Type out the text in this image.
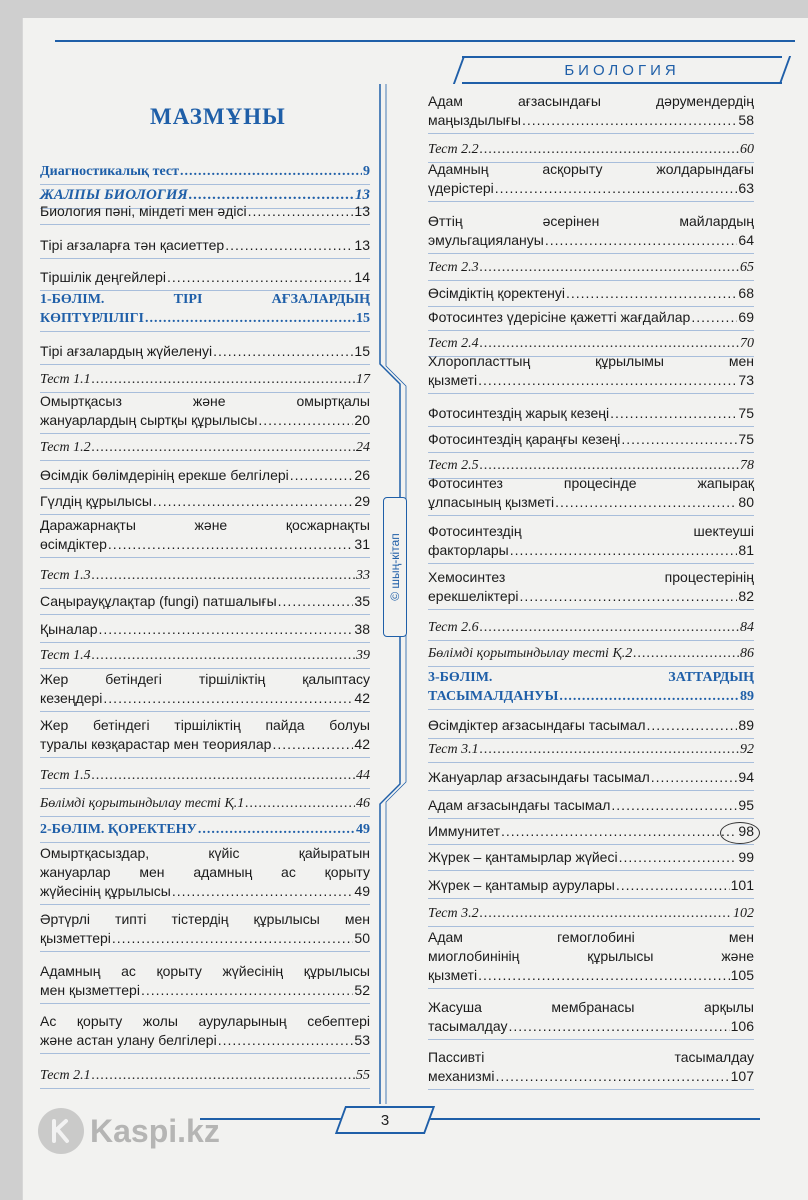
БИОЛОГИЯ
© шың-кітап
МАЗМҰНЫ
Диагностикалық тест .....	9
ЖАЛПЫ БИОЛОГИЯ .....	13
Биология пәні, міндеті мен әдісі .....	13
Тірі ағзаларға тән қасиеттер .....	13
Тіршілік деңгейлері .....	14
1-БӨЛІМ. ТІРІ АҒЗАЛАРДЫҢ
КӨПТҮРЛІЛІГІ .....	15
Тірі ағзалардың жүйеленуі .....	15
Тест 1.1 .....	17
Омыртқасыз және омыртқалы
жануарлардың сыртқы құрылысы .....	20
Тест 1.2 .....	24
Өсімдік бөлімдерінің ерекше белгілері .....	26
Гүлдің құрылысы .....	29
Даражарнақты және қосжарнақты
өсімдіктер .....	31
Тест 1.3 .....	33
Саңырауқұлақтар (fungi) патшалығы .....	35
Қыналар .....	38
Тест 1.4 .....	39
Жер бетіндегі тіршіліктің қалыптасу
кезеңдері .....	42
Жер бетіндегі тіршіліктің пайда болуы
туралы көзқарастар мен теориялар .....	42
Тест 1.5 .....	44
Бөлімді қорытындылау тесті Қ.1 .....	46
2-БӨЛІМ. ҚОРЕКТЕНУ .....	49
Омыртқасыздар, күйіс қайыратын
жануарлар мен адамның ас қорыту
жүйесінің құрылысы .....	49
Әртүрлі типті тістердің құрылысы мен
қызметтері .....	50
Адамның ас қорыту жүйесінің құрылысы
мен қызметтері .....	52
Ас қорыту жолы ауруларының себептері
және астан улану белгілері .....	53
Тест 2.1 .....	55
Адам ағзасындағы дәрумендердің
маңыздылығы .....	58
Тест 2.2 .....	60
Адамның асқорыту жолдарындағы
үдерістері .....	63
Өттің әсерінен майлардың
эмульгациялануы .....	64
Тест 2.3 .....	65
Өсімдіктің қоректенуі .....	68
Фотосинтез үдерісіне қажетті жағдайлар .....	69
Тест 2.4 .....	70
Хлоропласттың құрылымы мен
қызметі .....	73
Фотосинтездің жарық кезеңі .....	75
Фотосинтездің қараңғы кезеңі .....	75
Тест 2.5 .....	78
Фотосинтез процесінде жапырақ
ұлпасының қызметі .....	80
Фотосинтездің шектеуші
факторлары .....	81
Хемосинтез процестерінің
ерекшеліктері .....	82
Тест 2.6 .....	84
Бөлімді қорытындылау тесті Қ.2 .....	86
3-БӨЛІМ. ЗАТТАРДЫҢ
ТАСЫМАЛДАНУЫ .....	89
Өсімдіктер ағзасындағы тасымал .....	89
Тест 3.1 .....	92
Жануарлар ағзасындағы тасымал .....	94
Адам ағзасындағы тасымал .....	95
Иммунитет .....	98
Жүрек – қантамырлар жүйесі .....	99
Жүрек – қантамыр аурулары .....	101
Тест 3.2 .....	102
Адам гемоглобині мен
миоглобинінің құрылысы және
қызметі .....	105
Жасуша мембранасы арқылы
тасымалдау .....	106
Пассивті тасымалдау
механизмі .....	107
3
Kaspi.kz
